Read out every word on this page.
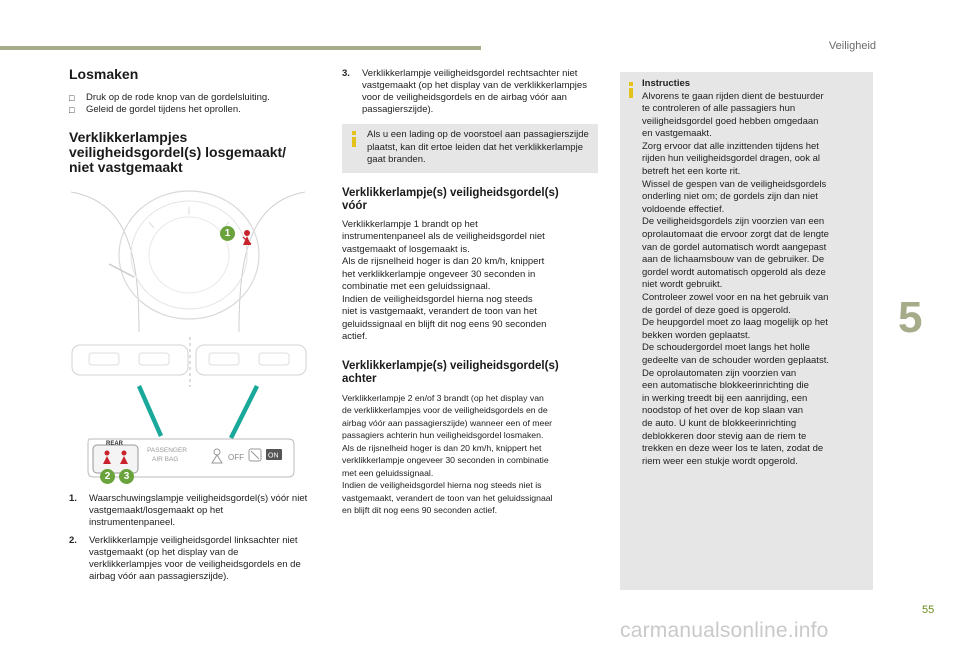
Veiligheid
Losmaken
□ Druk op de rode knop van de gordelsluiting.
□ Geleid de gordel tijdens het oprollen.
Verklikkerlampjes
veiligheidsgordel(s) losgemaakt/
niet vastgemaakt
REAR
PASSENGER
AIR BAG	OFF	ON
1
2	3
1. Waarschuwingslampje veiligheidsgordel(s) vóór niet vastgemaakt/losgemaakt op het instrumentenpaneel.
2. Verklikkerlampje veiligheidsgordel linksachter niet vastgemaakt (op het display van de verklikkerlampjes voor de veiligheidsgordels en de airbag vóór aan passagierszijde).
3. Verklikkerlampje veiligheidsgordel rechtsachter niet vastgemaakt (op het display van de verklikkerlampjes voor de veiligheidsgordels en de airbag vóór aan passagierszijde).
Als u een lading op de voorstoel aan passagierszijde plaatst, kan dit ertoe leiden dat het verklikkerlampje gaat branden.
Verklikkerlampje(s) veiligheidsgordel(s)
vóór
Verklikkerlampje 1 brandt op het
instrumentenpaneel als de veiligheidsgordel niet
vastgemaakt of losgemaakt is.
Als de rijsnelheid hoger is dan 20 km/h, knippert
het verklikkerlampje ongeveer 30 seconden in
combinatie met een geluidssignaal.
Indien de veiligheidsgordel hierna nog steeds
niet is vastgemaakt, verandert de toon van het
geluidssignaal en blijft dit nog eens 90 seconden
actief.
Verklikkerlampje(s) veiligheidsgordel(s)
achter
Verklikkerlampje 2 en/of 3 brandt (op het display van
de verklikkerlampjes voor de veiligheidsgordels en de
airbag vóór aan passagierszijde) wanneer een of meer
passagiers achterin hun veiligheidsgordel losmaken.
Als de rijsnelheid hoger is dan 20 km/h, knippert het
verklikkerlampje ongeveer 30 seconden in combinatie
met een geluidssignaal.
Indien de veiligheidsgordel hierna nog steeds niet is
vastgemaakt, verandert de toon van het geluidssignaal
en blijft dit nog eens 90 seconden actief.
Instructies
Alvorens te gaan rijden dient de bestuurder
te controleren of alle passagiers hun
veiligheidsgordel goed hebben omgedaan
en vastgemaakt.
Zorg ervoor dat alle inzittenden tijdens het
rijden hun veiligheidsgordel dragen, ook al
betreft het een korte rit.
Wissel de gespen van de veiligheidsgordels
onderling niet om; de gordels zijn dan niet
voldoende effectief.
De veiligheidsgordels zijn voorzien van een
oprolautomaat die ervoor zorgt dat de lengte
van de gordel automatisch wordt aangepast
aan de lichaamsbouw van de gebruiker. De
gordel wordt automatisch opgerold als deze
niet wordt gebruikt.
Controleer zowel voor en na het gebruik van
de gordel of deze goed is opgerold.
De heupgordel moet zo laag mogelijk op het
bekken worden geplaatst.
De schoudergordel moet langs het holle
gedeelte van de schouder worden geplaatst.
De oprolautomaten zijn voorzien van
een automatische blokkeerinrichting die
in werking treedt bij een aanrijding, een
noodstop of het over de kop slaan van
de auto. U kunt de blokkeerinrichting
deblokkeren door stevig aan de riem te
trekken en deze weer los te laten, zodat de
riem weer een stukje wordt opgerold.
5
55
carmanualsonline.info
